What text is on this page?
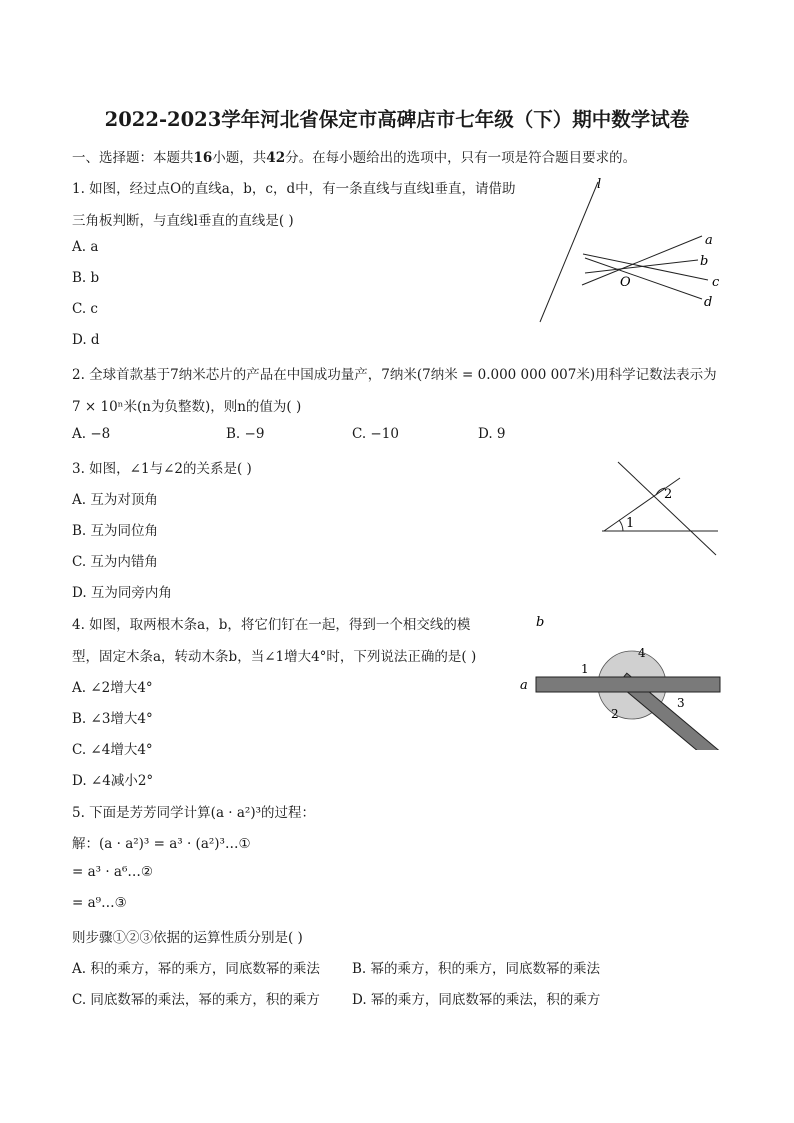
2022-2023学年河北省保定市高碑店市七年级（下）期中数学试卷
一、选择题：本题共16小题，共42分。在每小题给出的选项中，只有一项是符合题目要求的。
1. 如图，经过点O的直线a，b，c，d中，有一条直线与直线l垂直，请借助
三角板判断，与直线l垂直的直线是( )
A. a
B. b
C. c
D. d
l
a
b
c
d
O
2. 全球首款基于7纳米芯片的产品在中国成功量产，7纳米(7纳米 = 0.000 000 007米)用科学记数法表示为
7 × 10ⁿ米(n为负整数)，则n的值为( )
A. −8	B. −9	C. −10	D. 9
3. 如图，∠1与∠2的关系是( )
A. 互为对顶角
B. 互为同位角
C. 互为内错角
D. 互为同旁内角
1
2
4. 如图，取两根木条a，b，将它们钉在一起，得到一个相交线的模
型，固定木条a，转动木条b，当∠1增大4°时，下列说法正确的是( )
A. ∠2增大4°
B. ∠3增大4°
C. ∠4增大4°
D. ∠4减小2°
b
a
1
4
2
3
5. 下面是芳芳同学计算(a · a²)³的过程：
解：(a · a²)³ = a³ · (a²)³…①
= a³ · a⁶…②
= a⁹…③
则步骤①②③依据的运算性质分别是( )
A. 积的乘方，幂的乘方，同底数幂的乘法 B. 幂的乘方，积的乘方，同底数幂的乘法
C. 同底数幂的乘法，幂的乘方，积的乘方 D. 幂的乘方，同底数幂的乘法，积的乘方
